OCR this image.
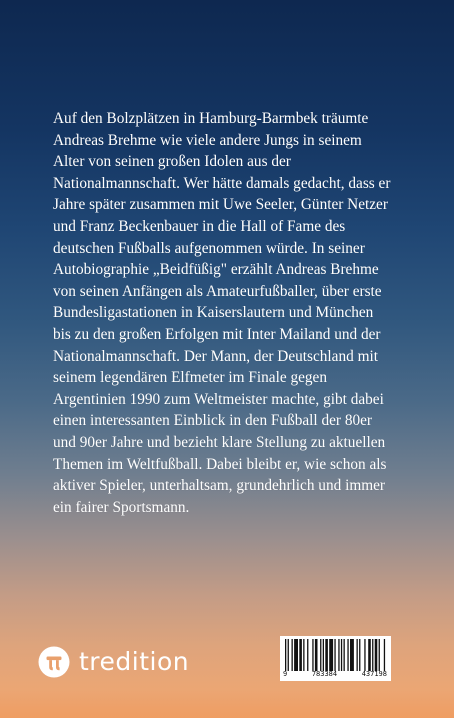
Auf den Bolzplätzen in Hamburg-Barmbek träumte Andreas Brehme wie viele andere Jungs in seinem Alter von seinen großen Idolen aus der Nationalmannschaft. Wer hätte damals gedacht, dass er Jahre später zusammen mit Uwe Seeler, Günter Netzer und Franz Beckenbauer in die Hall of Fame des deutschen Fußballs aufgenommen würde. In seiner Autobiographie „Beidfüßig" erzählt Andreas Brehme von seinen Anfängen als Amateurfußballer, über erste Bundesligastationen in Kaiserslautern und München bis zu den großen Erfolgen mit Inter Mailand und der Nationalmannschaft. Der Mann, der Deutschland mit seinem legendären Elfmeter im Finale gegen Argentinien 1990 zum Weltmeister machte, gibt dabei einen interessanten Einblick in den Fußball der 80er und 90er Jahre und bezieht klare Stellung zu aktuellen Themen im Weltfußball. Dabei bleibt er, wie schon als aktiver Spieler, unterhaltsam, grundehrlich und immer ein fairer Sportsmann.

tredition	9	783384	437198
